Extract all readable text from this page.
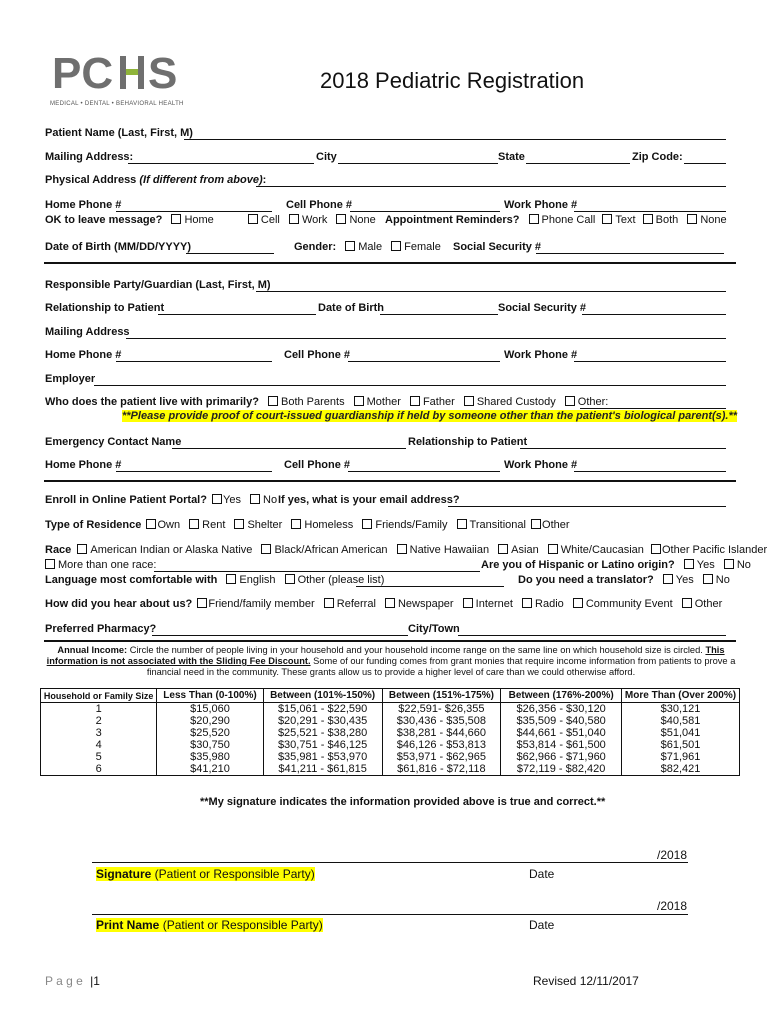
PC S
MEDICAL • DENTAL • BEHAVIORAL HEALTH
2018 Pediatric Registration
Patient Name (Last, First, M)
Mailing Address:	City	State	Zip Code:
Physical Address (If different from above):
Home Phone #	Cell Phone #	Work Phone #
OK to leave message? Home	Cell Work None Appointment Reminders? Phone Call Text Both None
Date of Birth (MM/DD/YYYY)	Gender: Male Female Social Security #
Responsible Party/Guardian (Last, First, M)
Relationship to Patient	Date of Birth	Social Security #
Mailing Address
Home Phone #	Cell Phone #	Work Phone #
Employer
Who does the patient live with primarily? Both Parents Mother Father Shared Custody Other:
**Please provide proof of court-issued guardianship if held by someone other than the patient's biological parent(s).**
Emergency Contact Name	Relationship to Patient
Home Phone #	Cell Phone #	Work Phone #
Enroll in Online Patient Portal? Yes No If yes, what is your email address?
Type of Residence Own Rent Shelter Homeless Friends/Family Transitional Other
Race American Indian or Alaska Native Black/African American Native Hawaiian Asian White/Caucasian Other Pacific Islander
More than one race:	Are you of Hispanic or Latino origin? Yes No
Language most comfortable with English Other (please list)	Do you need a translator? Yes No
How did you hear about us? Friend/family member Referral Newspaper Internet Radio Community Event Other
Preferred Pharmacy?	City/Town
Annual Income: Circle the number of people living in your household and your household income range on the same line on which household size is circled. This information is not associated with the Sliding Fee Discount. Some of our funding comes from grant monies that require income information from patients to prove a financial need in the community. These grants allow us to provide a higher level of care than we could otherwise afford.
Household or Family Size	Less Than (0-100%)	Between (101%-150%)	Between (151%-175%)	Between (176%-200%)	More Than (Over 200%)
1	$15,060	$15,061 - $22,590	$22,591- $26,355	$26,356 - $30,120	$30,121
2	$20,290	$20,291 - $30,435	$30,436 - $35,508	$35,509 - $40,580	$40,581
3	$25,520	$25,521 - $38,280	$38,281 - $44,660	$44,661 - $51,040	$51,041
4	$30,750	$30,751 - $46,125	$46,126 - $53,813	$53,814 - $61,500	$61,501
5	$35,980	$35,981 - $53,970	$53,971 - $62,965	$62,966 - $71,960	$71,961
6	$41,210	$41,211 - $61,815	$61,816 - $72,118	$72,119 - $82,420	$82,421
**My signature indicates the information provided above is true and correct.**
/2018
Signature (Patient or Responsible Party)	Date
/2018
Print Name (Patient or Responsible Party)	Date
P a g e |1	Revised 12/11/2017
